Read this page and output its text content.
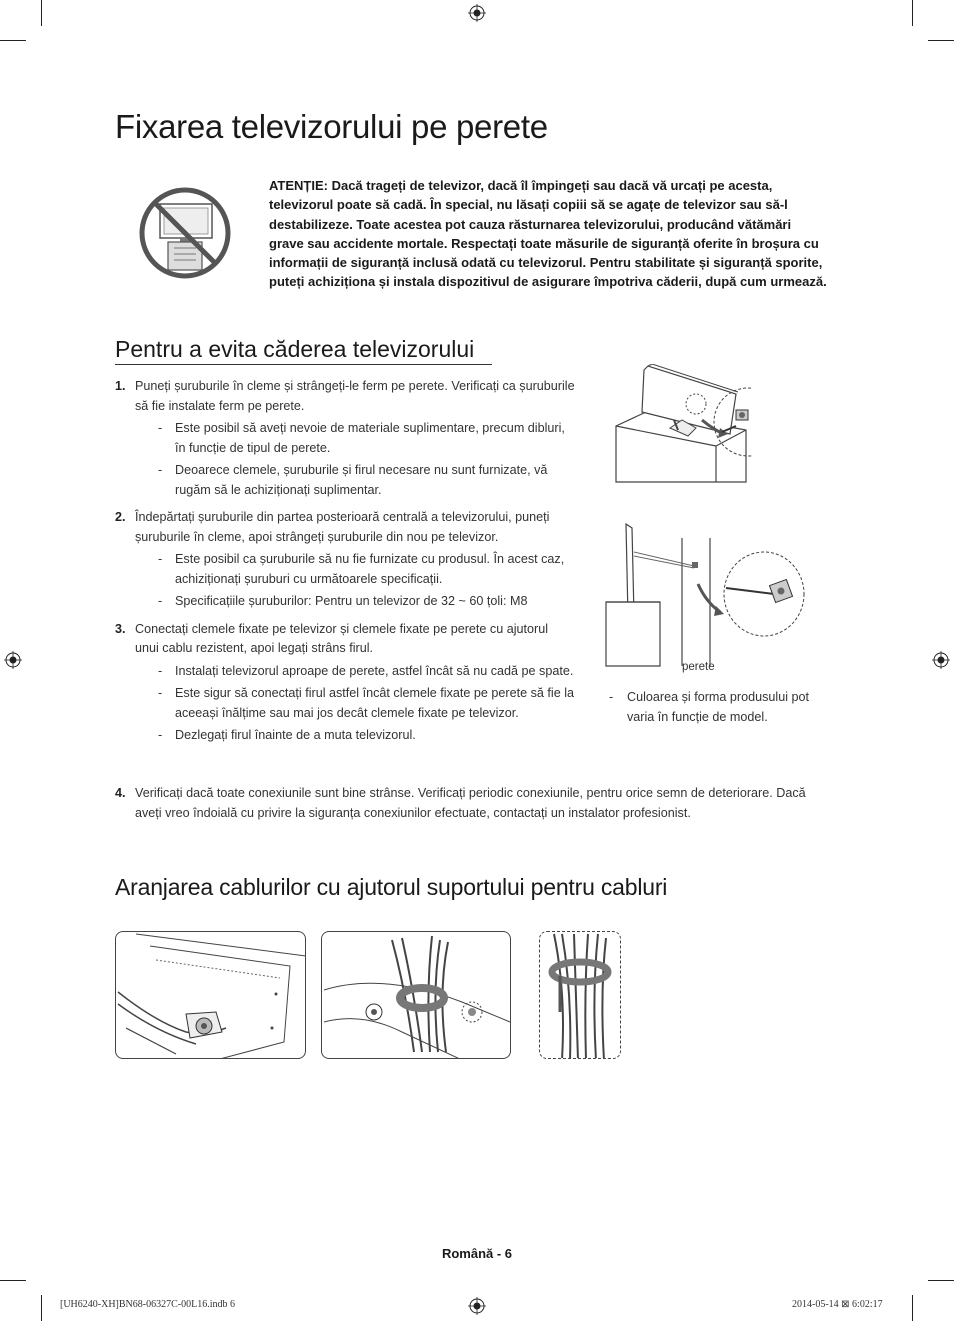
Fixarea televizorului pe perete
ATENȚIE: Dacă trageți de televizor, dacă îl împingeți sau dacă vă urcați pe acesta, televizorul poate să cadă. În special, nu lăsați copiii să se agațe de televizor sau să-l destabilizeze. Toate acestea pot cauza răsturnarea televizorului, producând vătămări grave sau accidente mortale. Respectați toate măsurile de siguranță oferite în broșura cu informații de siguranță inclusă odată cu televizorul. Pentru stabilitate și siguranță sporite, puteți achiziționa și instala dispozitivul de asigurare împotriva căderii, după cum urmează.
Pentru a evita căderea televizorului
1. Puneți șuruburile în cleme și strângeți-le ferm pe perete. Verificați ca șuruburile să fie instalate ferm pe perete.
- Este posibil să aveți nevoie de materiale suplimentare, precum dibluri, în funcție de tipul de perete.
- Deoarece clemele, șuruburile și firul necesare nu sunt furnizate, vă rugăm să le achiziționați suplimentar.
2. Îndepărtați șuruburile din partea posterioară centrală a televizorului, puneți șuruburile în cleme, apoi strângeți șuruburile din nou pe televizor.
- Este posibil ca șuruburile să nu fie furnizate cu produsul. În acest caz, achiziționați șuruburi cu următoarele specificații.
- Specificațiile șuruburilor: Pentru un televizor de 32 ~ 60 țoli: M8
3. Conectați clemele fixate pe televizor și clemele fixate pe perete cu ajutorul unui cablu rezistent, apoi legați strâns firul.
- Instalați televizorul aproape de perete, astfel încât să nu cadă pe spate.
- Este sigur să conectați firul astfel încât clemele fixate pe perete să fie la aceeași înălțime sau mai jos decât clemele fixate pe televizor.
- Dezlegați firul înainte de a muta televizorul.
4. Verificați dacă toate conexiunile sunt bine strânse. Verificați periodic conexiunile, pentru orice semn de deteriorare. Dacă aveți vreo îndoială cu privire la siguranța conexiunilor efectuate, contactați un instalator profesionist.
perete
- Culoarea și forma produsului pot varia în funcție de model.
Aranjarea cablurilor cu ajutorul suportului pentru cabluri
Română - 6
[UH6240-XH]BN68-06327C-00L16.indb 6	2014-05-14 ⊠ 6:02:17
